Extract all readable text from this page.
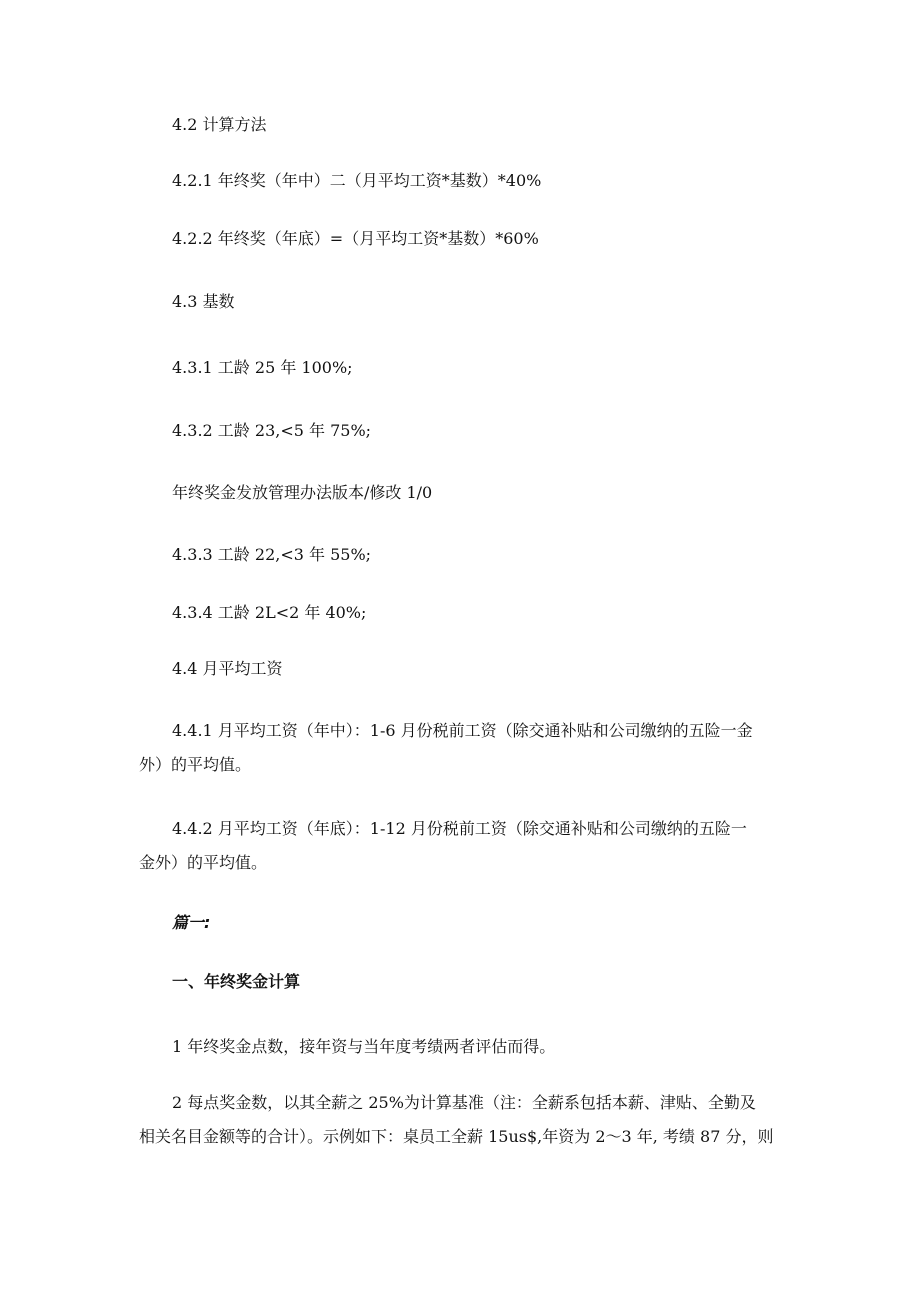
4.2 计算方法

4.2.1 年终奖（年中）二（月平均工资*基数）*40%

4.2.2 年终奖（年底）=（月平均工资*基数）*60%

4.3 基数

4.3.1 工龄 25 年 100%;

4.3.2 工龄 23,<5 年 75%;

年终奖金发放管理办法版本/修改 1/0

4.3.3 工龄 22,<3 年 55%;

4.3.4 工龄 2L<2 年 40%;

4.4 月平均工资

4.4.1 月平均工资（年中）：1-6 月份税前工资（除交通补贴和公司缴纳的五险一金
外）的平均值。
4.4.2 月平均工资（年底）：1-12 月份税前工资（除交通补贴和公司缴纳的五险一
金外）的平均值。

篇一:

一、年终奖金计算

1 年终奖金点数，接年资与当年度考绩两者评估而得。

2 每点奖金数，以其全薪之 25%为计算基准（注：全薪系包括本薪、津贴、全勤及
相关名目金额等的合计）。示例如下：桌员工全薪 15us$,年资为 2〜3 年, 考绩 87 分，则
